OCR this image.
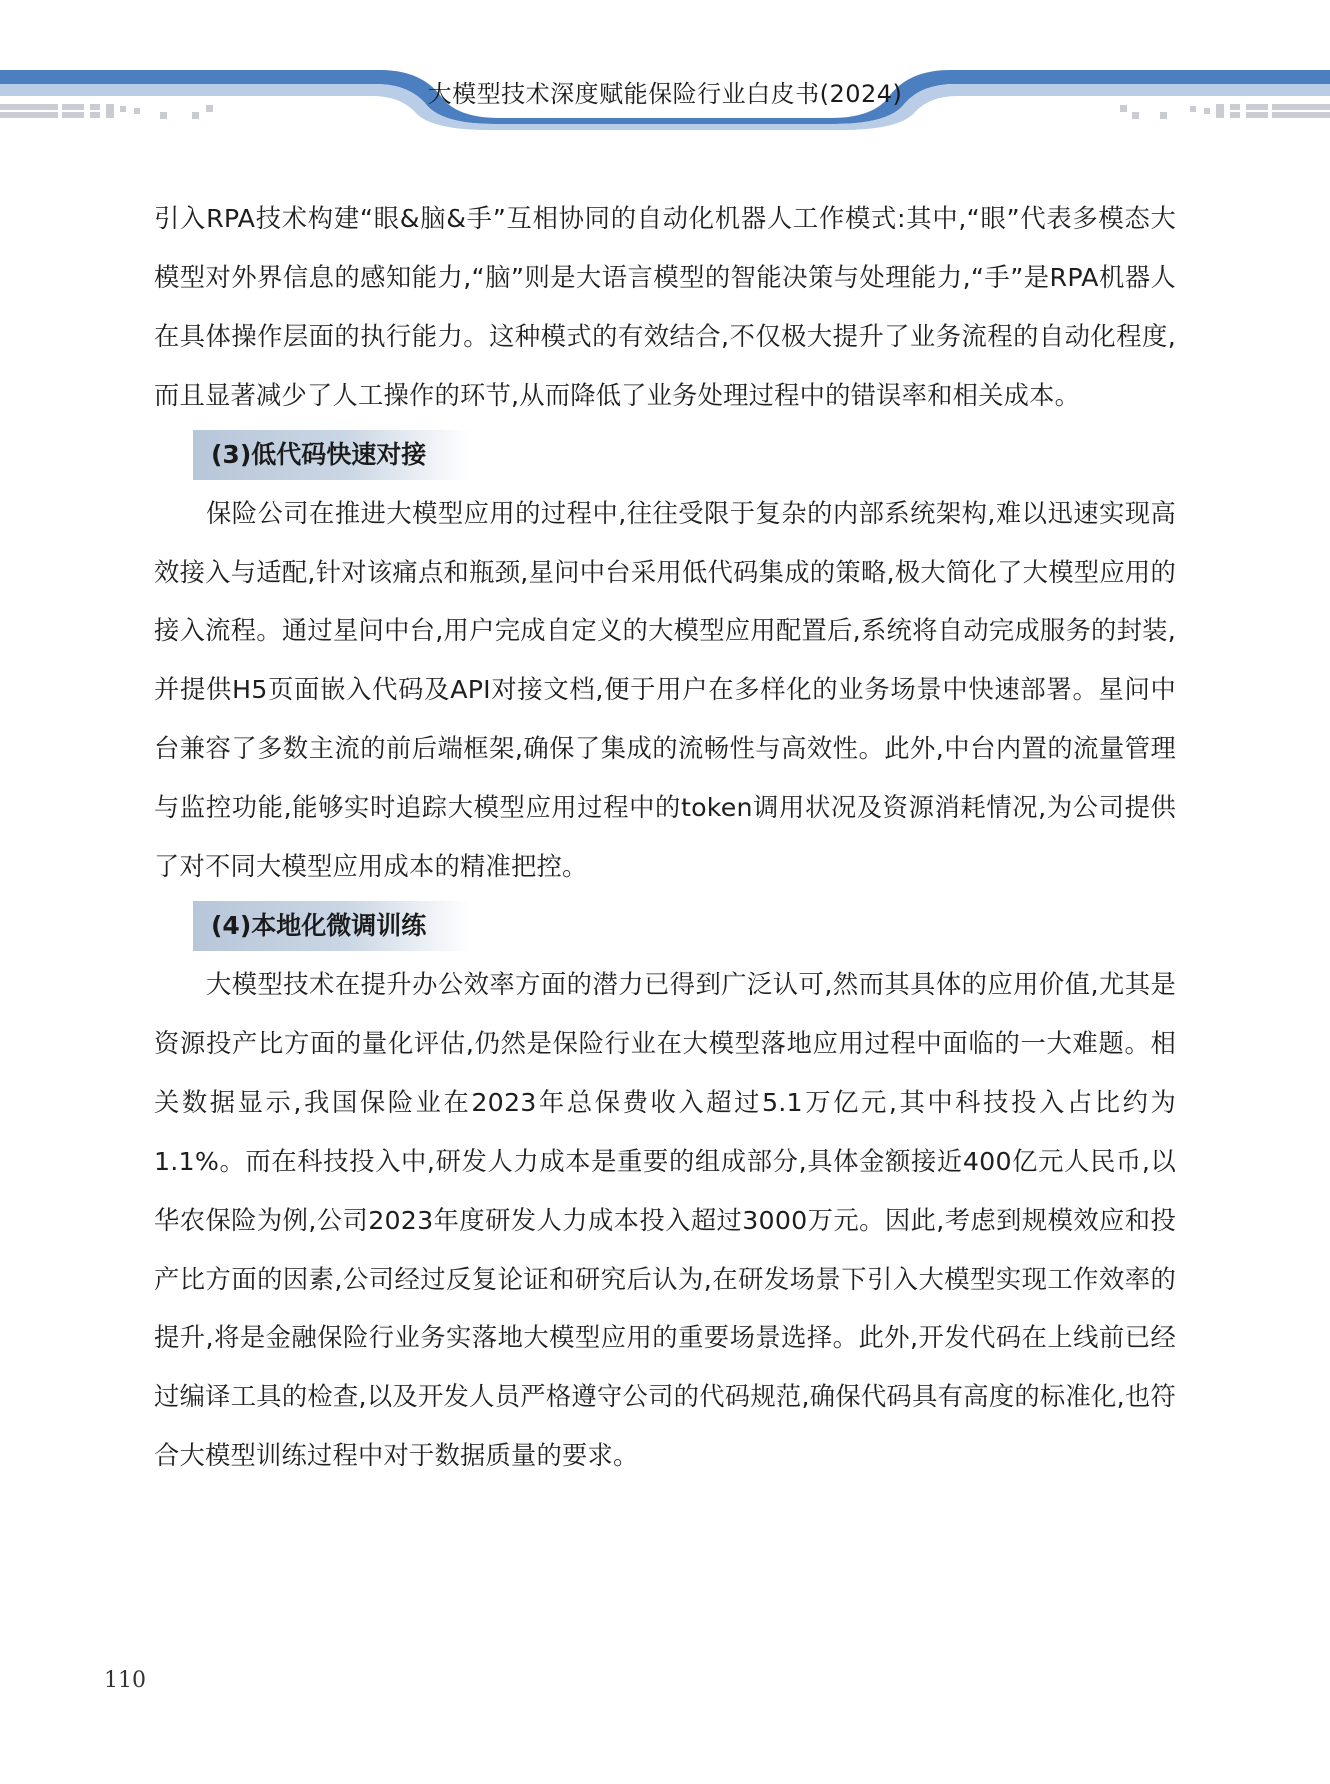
大模型技术深度赋能保险行业白皮书(2024)

引入RPA技术构建“眼&脑&手”互相协同的自动化机器人工作模式:其中,“眼”代表多模态大模型对外界信息的感知能力,“脑”则是大语言模型的智能决策与处理能力,“手”是RPA机器人在具体操作层面的执行能力。这种模式的有效结合,不仅极大提升了业务流程的自动化程度,而且显著减少了人工操作的环节,从而降低了业务处理过程中的错误率和相关成本。

(3)低代码快速对接

保险公司在推进大模型应用的过程中,往往受限于复杂的内部系统架构,难以迅速实现高效接入与适配,针对该痛点和瓶颈,星问中台采用低代码集成的策略,极大简化了大模型应用的接入流程。通过星问中台,用户完成自定义的大模型应用配置后,系统将自动完成服务的封装,并提供H5页面嵌入代码及API对接文档,便于用户在多样化的业务场景中快速部署。星问中台兼容了多数主流的前后端框架,确保了集成的流畅性与高效性。此外,中台内置的流量管理与监控功能,能够实时追踪大模型应用过程中的token调用状况及资源消耗情况,为公司提供了对不同大模型应用成本的精准把控。

(4)本地化微调训练

大模型技术在提升办公效率方面的潜力已得到广泛认可,然而其具体的应用价值,尤其是资源投产比方面的量化评估,仍然是保险行业在大模型落地应用过程中面临的一大难题。相关数据显示,我国保险业在2023年总保费收入超过5.1万亿元,其中科技投入占比约为1.1%。而在科技投入中,研发人力成本是重要的组成部分,具体金额接近400亿元人民币,以华农保险为例,公司2023年度研发人力成本投入超过3000万元。因此,考虑到规模效应和投产比方面的因素,公司经过反复论证和研究后认为,在研发场景下引入大模型实现工作效率的提升,将是金融保险行业务实落地大模型应用的重要场景选择。此外,开发代码在上线前已经过编译工具的检查,以及开发人员严格遵守公司的代码规范,确保代码具有高度的标准化,也符合大模型训练过程中对于数据质量的要求。

110
